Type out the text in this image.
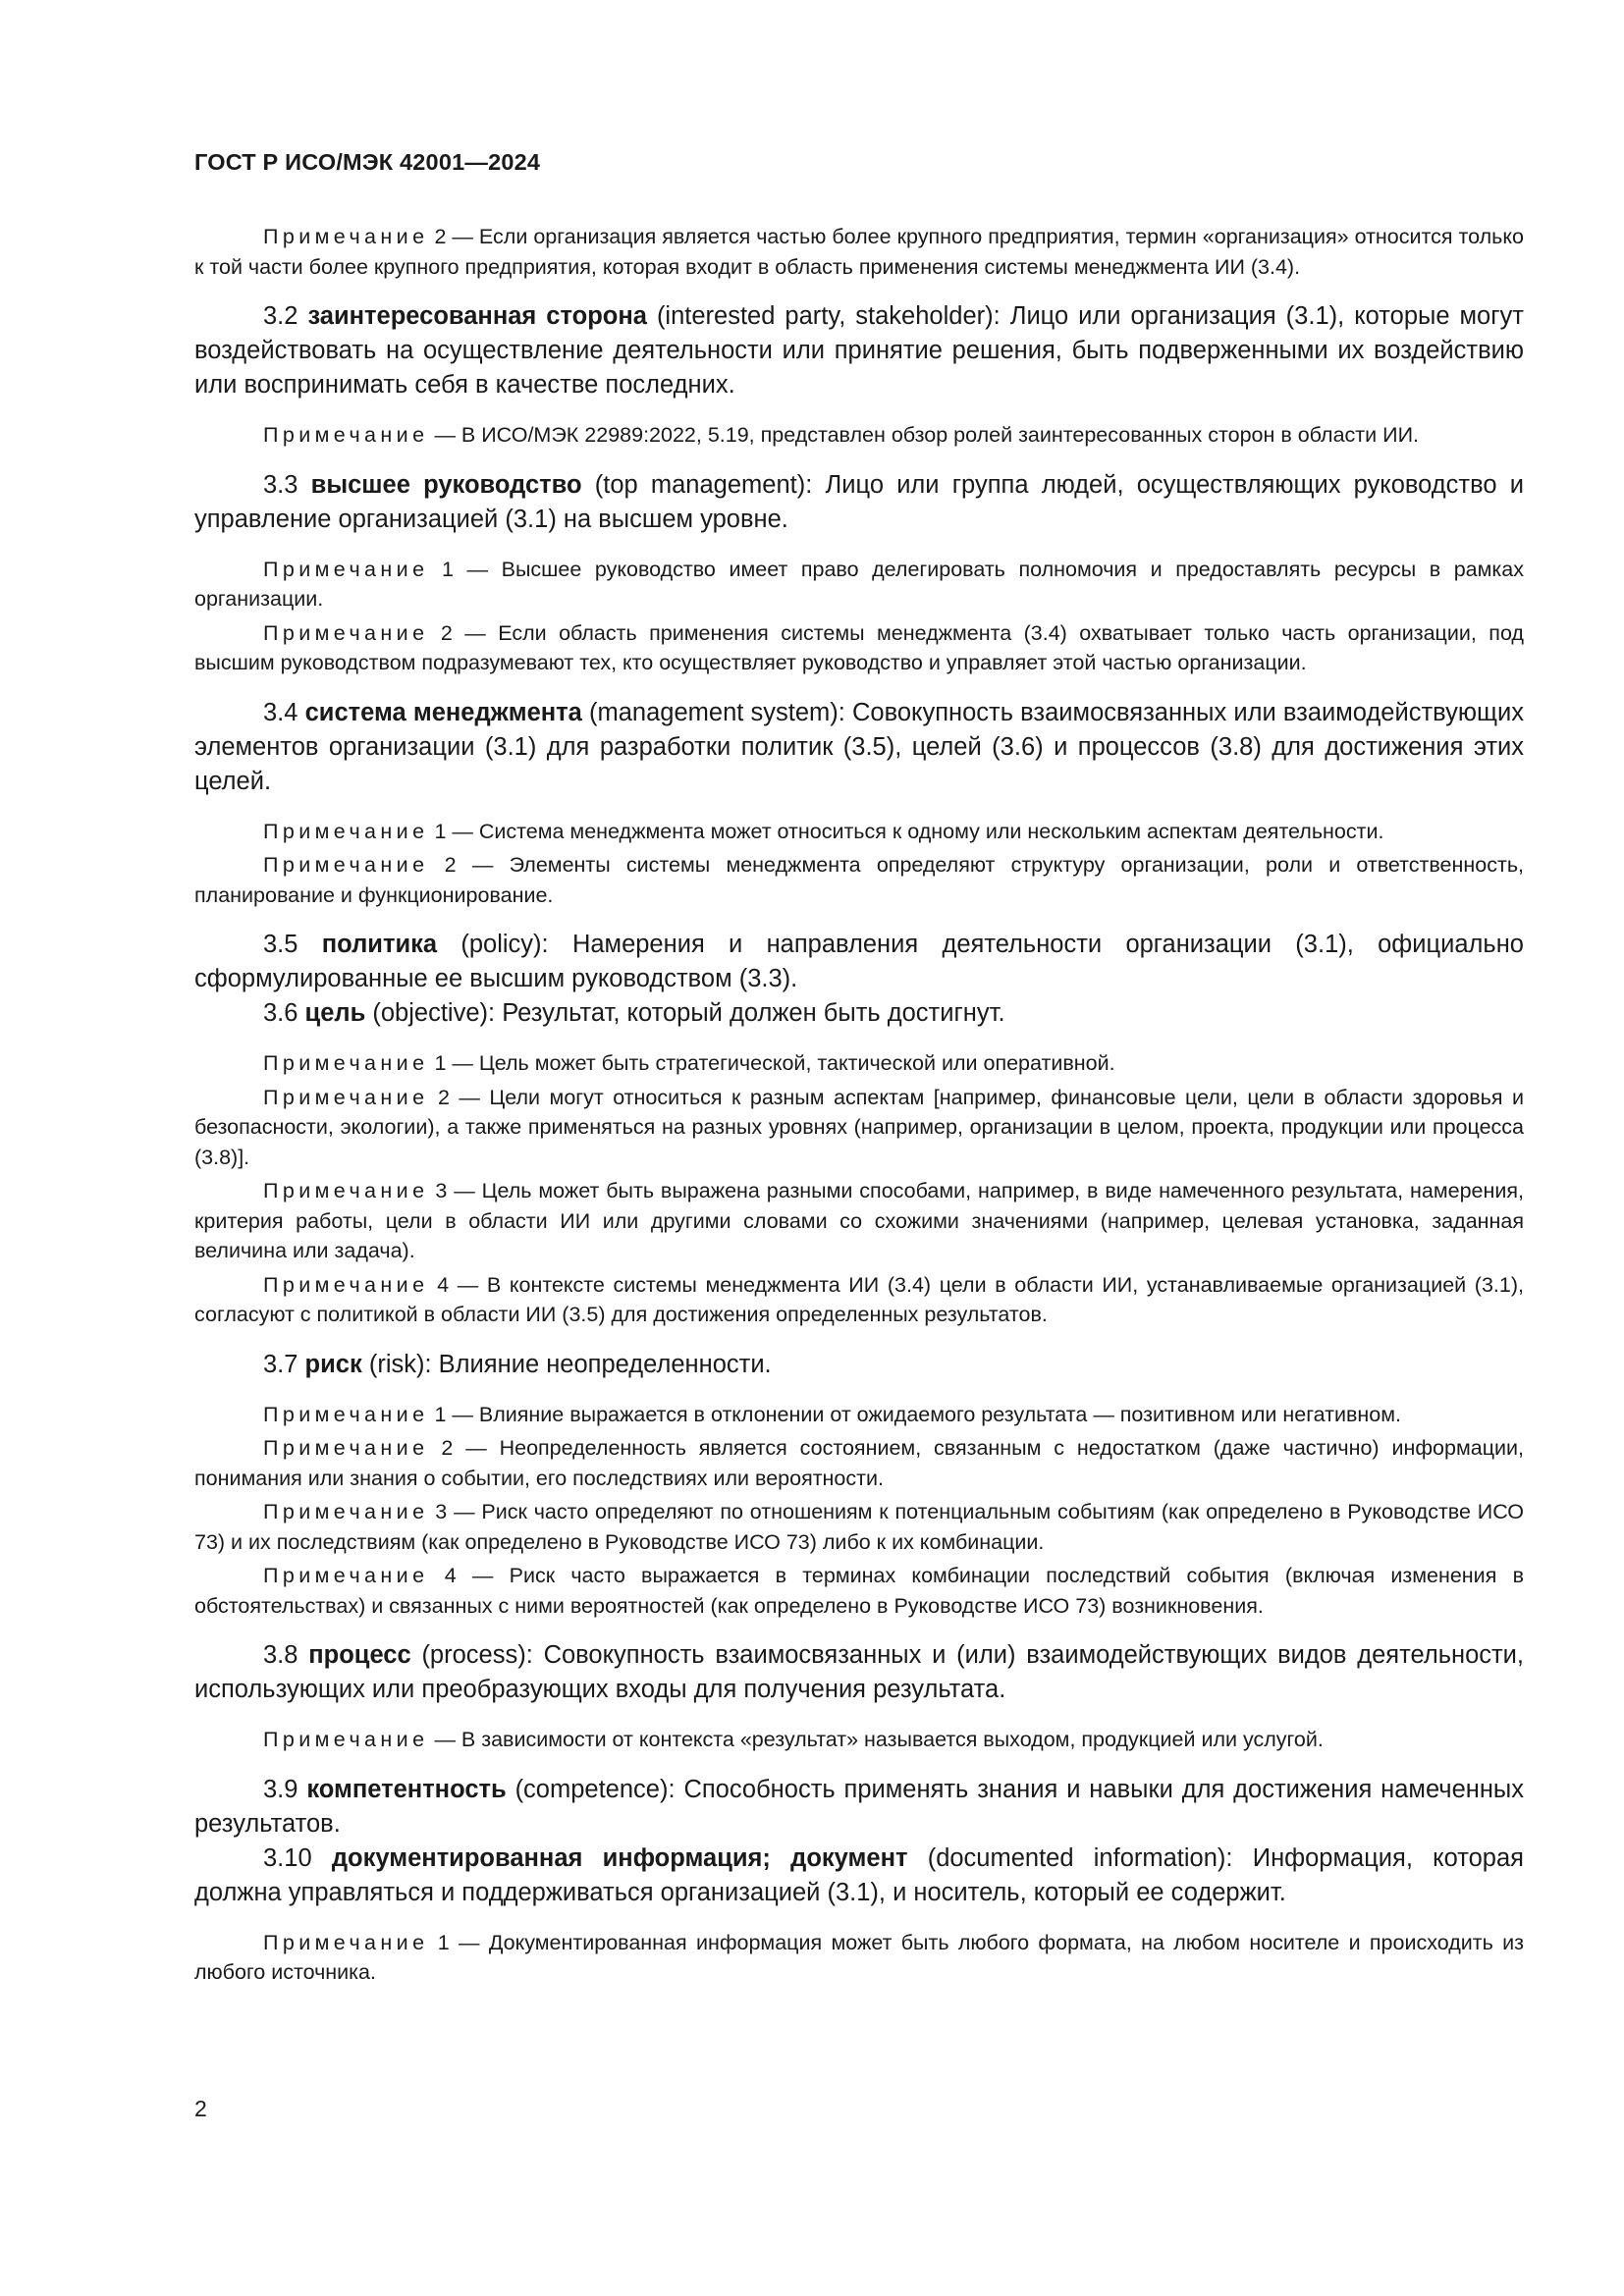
ГОСТ Р ИСО/МЭК 42001—2024

Примечание 2 — Если организация является частью более крупного предприятия, термин «организация» относится только к той части более крупного предприятия, которая входит в область применения системы менеджмента ИИ (3.4).

3.2 заинтересованная сторона (interested party, stakeholder): Лицо или организация (3.1), которые могут воздействовать на осуществление деятельности или принятие решения, быть подверженными их воздействию или воспринимать себя в качестве последних.

Примечание — В ИСО/МЭК 22989:2022, 5.19, представлен обзор ролей заинтересованных сторон в области ИИ.

3.3 высшее руководство (top management): Лицо или группа людей, осуществляющих руководство и управление организацией (3.1) на высшем уровне.

Примечание 1 — Высшее руководство имеет право делегировать полномочия и предоставлять ресурсы в рамках организации.

Примечание 2 — Если область применения системы менеджмента (3.4) охватывает только часть организации, под высшим руководством подразумевают тех, кто осуществляет руководство и управляет этой частью организации.

3.4 система менеджмента (management system): Совокупность взаимосвязанных или взаимодействующих элементов организации (3.1) для разработки политик (3.5), целей (3.6) и процессов (3.8) для достижения этих целей.

Примечание 1 — Система менеджмента может относиться к одному или нескольким аспектам деятельности.

Примечание 2 — Элементы системы менеджмента определяют структуру организации, роли и ответственность, планирование и функционирование.

3.5 политика (policy): Намерения и направления деятельности организации (3.1), официально сформулированные ее высшим руководством (3.3).

3.6 цель (objective): Результат, который должен быть достигнут.

Примечание 1 — Цель может быть стратегической, тактической или оперативной.

Примечание 2 — Цели могут относиться к разным аспектам [например, финансовые цели, цели в области здоровья и безопасности, экологии), а также применяться на разных уровнях (например, организации в целом, проекта, продукции или процесса (3.8)].

Примечание 3 — Цель может быть выражена разными способами, например, в виде намеченного результата, намерения, критерия работы, цели в области ИИ или другими словами со схожими значениями (например, целевая установка, заданная величина или задача).

Примечание 4 — В контексте системы менеджмента ИИ (3.4) цели в области ИИ, устанавливаемые организацией (3.1), согласуют с политикой в области ИИ (3.5) для достижения определенных результатов.

3.7 риск (risk): Влияние неопределенности.

Примечание 1 — Влияние выражается в отклонении от ожидаемого результата — позитивном или негативном.

Примечание 2 — Неопределенность является состоянием, связанным с недостатком (даже частично) информации, понимания или знания о событии, его последствиях или вероятности.

Примечание 3 — Риск часто определяют по отношениям к потенциальным событиям (как определено в Руководстве ИСО 73) и их последствиям (как определено в Руководстве ИСО 73) либо к их комбинации.

Примечание 4 — Риск часто выражается в терминах комбинации последствий события (включая изменения в обстоятельствах) и связанных с ними вероятностей (как определено в Руководстве ИСО 73) возникновения.

3.8 процесс (process): Совокупность взаимосвязанных и (или) взаимодействующих видов деятельности, использующих или преобразующих входы для получения результата.

Примечание — В зависимости от контекста «результат» называется выходом, продукцией или услугой.

3.9 компетентность (competence): Способность применять знания и навыки для достижения намеченных результатов.

3.10 документированная информация; документ (documented information): Информация, которая должна управляться и поддерживаться организацией (3.1), и носитель, который ее содержит.

Примечание 1 — Документированная информация может быть любого формата, на любом носителе и происходить из любого источника.

2
